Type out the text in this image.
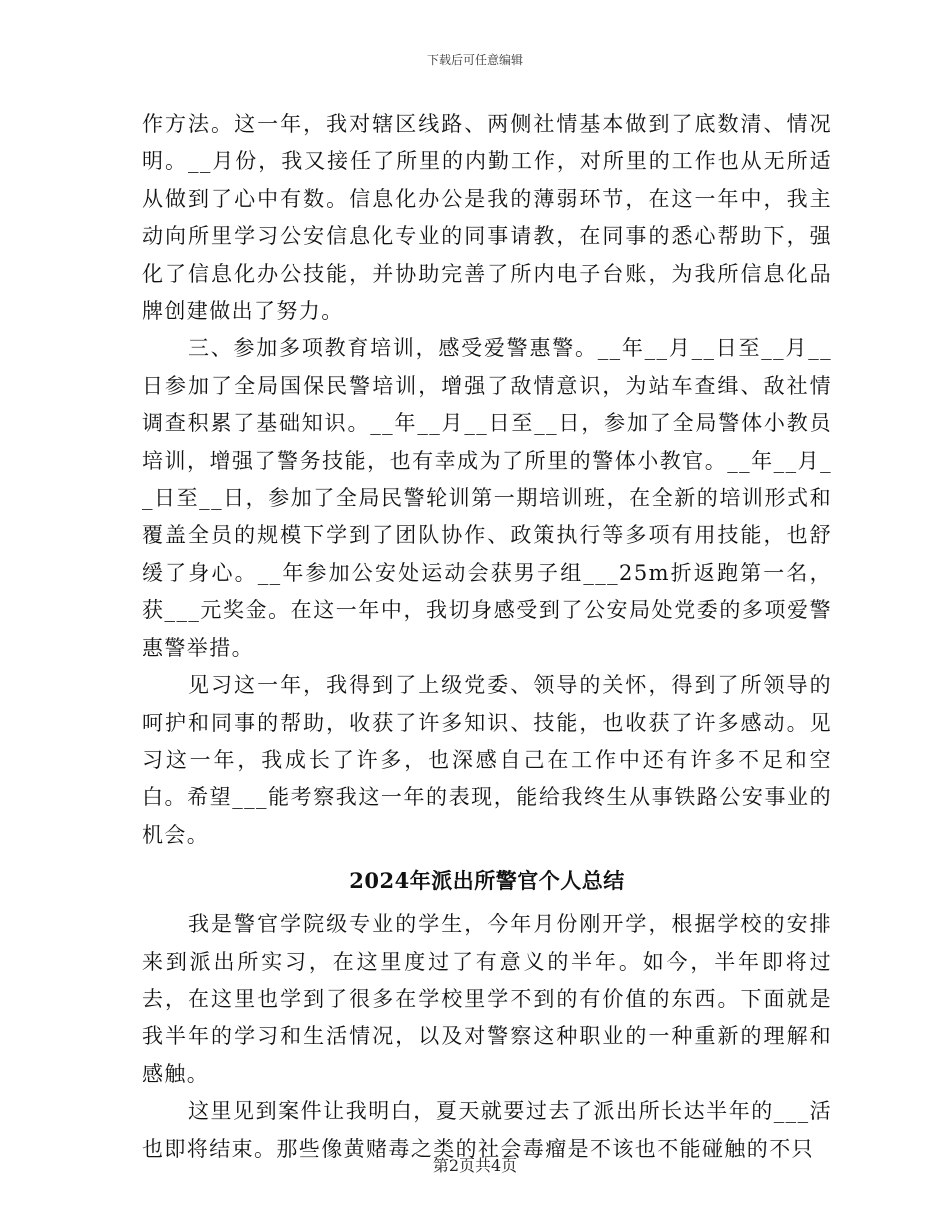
下载后可任意编辑

作方法。这一年，我对辖区线路、两侧社情基本做到了底数清、情况明。__月份，我又接任了所里的内勤工作，对所里的工作也从无所适从做到了心中有数。信息化办公是我的薄弱环节，在这一年中，我主动向所里学习公安信息化专业的同事请教，在同事的悉心帮助下，强化了信息化办公技能，并协助完善了所内电子台账，为我所信息化品牌创建做出了努力。

三、参加多项教育培训，感受爱警惠警。__年__月__日至__月__日参加了全局国保民警培训，增强了敌情意识，为站车查缉、敌社情调查积累了基础知识。__年__月__日至__日，参加了全局警体小教员培训，增强了警务技能，也有幸成为了所里的警体小教官。__年__月__日至__日，参加了全局民警轮训第一期培训班，在全新的培训形式和覆盖全员的规模下学到了团队协作、政策执行等多项有用技能，也舒缓了身心。__年参加公安处运动会获男子组___25m折返跑第一名，获___元奖金。在这一年中，我切身感受到了公安局处党委的多项爱警惠警举措。

见习这一年，我得到了上级党委、领导的关怀，得到了所领导的呵护和同事的帮助，收获了许多知识、技能，也收获了许多感动。见习这一年，我成长了许多，也深感自己在工作中还有许多不足和空白。希望___能考察我这一年的表现，能给我终生从事铁路公安事业的机会。

2024年派出所警官个人总结

我是警官学院级专业的学生，今年月份刚开学，根据学校的安排来到派出所实习，在这里度过了有意义的半年。如今，半年即将过去，在这里也学到了很多在学校里学不到的有价值的东西。下面就是我半年的学习和生活情况，以及对警察这种职业的一种重新的理解和感触。

这里见到案件让我明白，夏天就要过去了派出所长达半年的___活也即将结束。那些像黄赌毒之类的社会毒瘤是不该也不能碰触的不只

第2页共4页
